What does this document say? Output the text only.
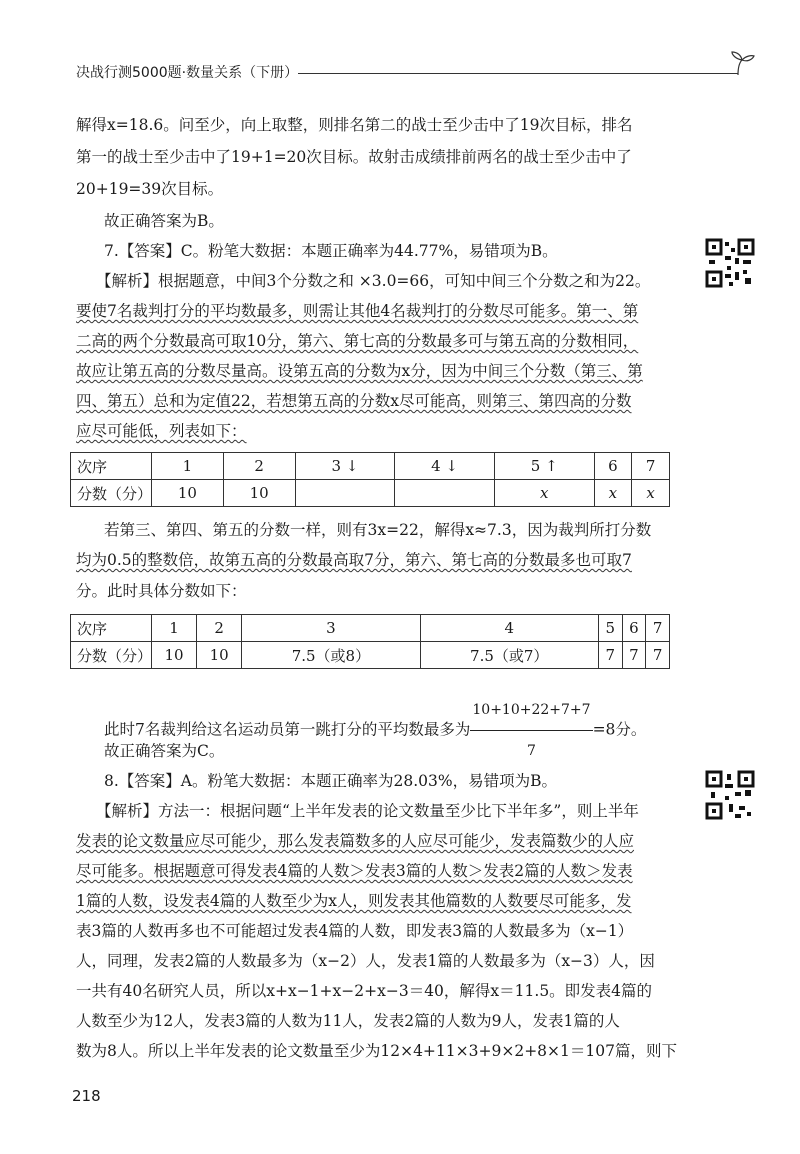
决战行测5000题·数量关系（下册）
解得x=18.6。问至少，向上取整，则排名第二的战士至少击中了19次目标，排名
第一的战士至少击中了19+1=20次目标。故射击成绩排前两名的战士至少击中了
20+19=39次目标。
故正确答案为B。
7.【答案】C。粉笔大数据：本题正确率为44.77%，易错项为B。
【解析】根据题意，中间3个分数之和 ×3.0=66，可知中间三个分数之和为22。
要使7名裁判打分的平均数最多，则需让其他4名裁判打的分数尽可能多。第一、第
二高的两个分数最高可取10分，第六、第七高的分数最多可与第五高的分数相同，
故应让第五高的分数尽量高。设第五高的分数为x分，因为中间三个分数（第三、第
四、第五）总和为定值22，若想第五高的分数x尽可能高，则第三、第四高的分数
应尽可能低，列表如下：
次序	1	2	3 ↓	4 ↓	5 ↑	6	7
分数（分）	10	10			x	x	x
若第三、第四、第五的分数一样，则有3x=22，解得x≈7.3，因为裁判所打分数
均为0.5的整数倍，故第五高的分数最高取7分，第六、第七高的分数最多也可取7
分。此时具体分数如下：
次序	1	2	3	4	5	6	7
分数（分）	10	10	7.5（或8）	7.5（或7）	7	7	7
此时7名裁判给这名运动员第一跳打分的平均数最多为 $\frac{10+10+22+7+7}{7} =8$分。
故正确答案为C。
8.【答案】A。粉笔大数据：本题正确率为28.03%，易错项为B。
【解析】方法一：根据问题“上半年发表的论文数量至少比下半年多”，则上半年
发表的论文数量应尽可能少，那么发表篇数多的人应尽可能少，发表篇数少的人应
尽可能多。根据题意可得发表4篇的人数＞发表3篇的人数＞发表2篇的人数＞发表
1篇的人数，设发表4篇的人数至少为x人，则发表其他篇数的人数要尽可能多，发
表3篇的人数再多也不可能超过发表4篇的人数，即发表3篇的人数最多为（x−1）
人，同理，发表2篇的人数最多为（x−2）人，发表1篇的人数最多为（x−3）人，因
一共有40名研究人员，所以x+x−1+x−2+x−3＝40，解得x＝11.5。即发表4篇的
人数至少为12人，发表3篇的人数为11人，发表2篇的人数为9人，发表1篇的人
数为8人。所以上半年发表的论文数量至少为12×4+11×3+9×2+8×1＝107篇，则下
218
